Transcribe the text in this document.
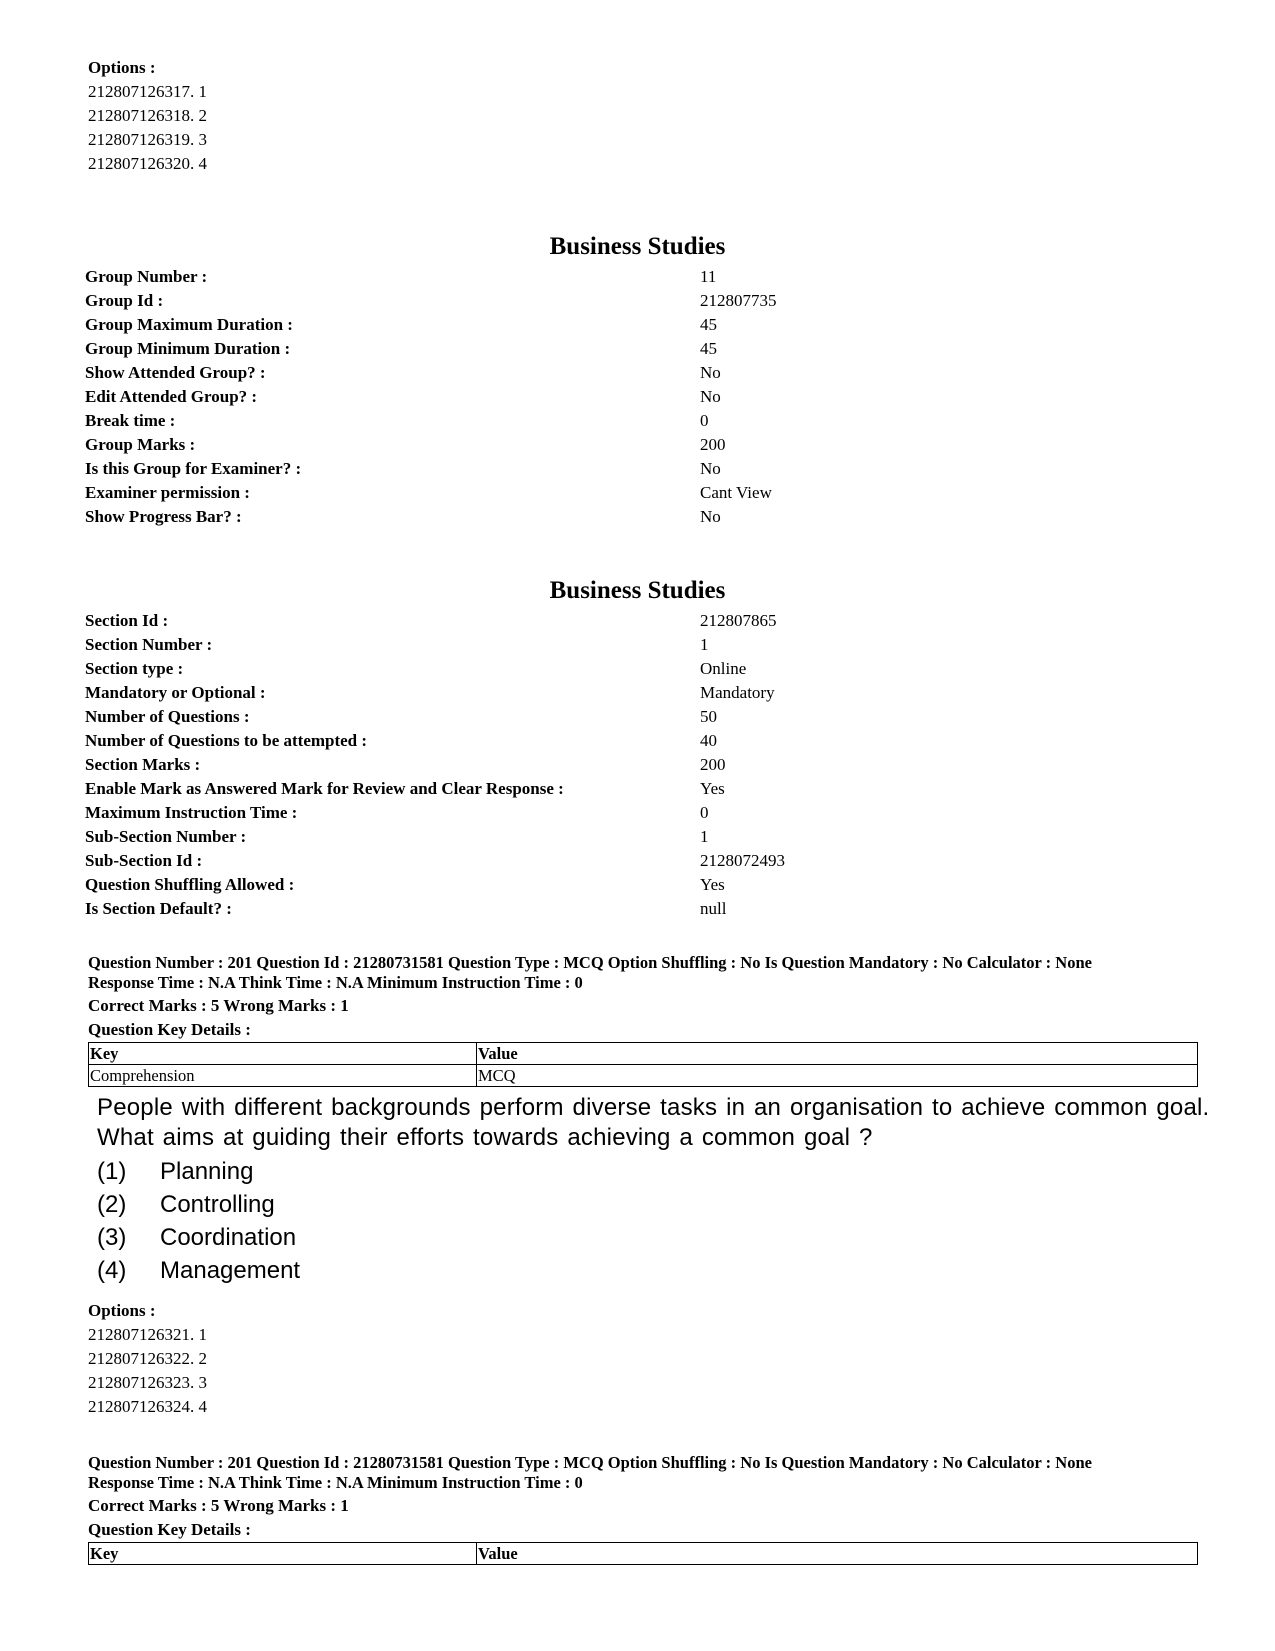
Options :
212807126317. 1
212807126318. 2
212807126319. 3
212807126320. 4
Business Studies
Group Number :	11
Group Id :	212807735
Group Maximum Duration :	45
Group Minimum Duration :	45
Show Attended Group? :	No
Edit Attended Group? :	No
Break time :	0
Group Marks :	200
Is this Group for Examiner? :	No
Examiner permission :	Cant View
Show Progress Bar? :	No
Business Studies
Section Id :	212807865
Section Number :	1
Section type :	Online
Mandatory or Optional :	Mandatory
Number of Questions :	50
Number of Questions to be attempted :	40
Section Marks :	200
Enable Mark as Answered Mark for Review and Clear Response :	Yes
Maximum Instruction Time :	0
Sub-Section Number :	1
Sub-Section Id :	2128072493
Question Shuffling Allowed :	Yes
Is Section Default? :	null
Question Number : 201 Question Id : 21280731581 Question Type : MCQ Option Shuffling : No Is Question Mandatory : No Calculator : None
Response Time : N.A Think Time : N.A Minimum Instruction Time : 0
Correct Marks : 5 Wrong Marks : 1
Question Key Details :
Key	Value
Comprehension	MCQ
People with different backgrounds perform diverse tasks in an organisation to achieve common goal. What aims at guiding their efforts towards achieving a common goal ?
(1) Planning
(2) Controlling
(3) Coordination
(4) Management
Options :
212807126321. 1
212807126322. 2
212807126323. 3
212807126324. 4
Question Number : 201 Question Id : 21280731581 Question Type : MCQ Option Shuffling : No Is Question Mandatory : No Calculator : None
Response Time : N.A Think Time : N.A Minimum Instruction Time : 0
Correct Marks : 5 Wrong Marks : 1
Question Key Details :
Key	Value
